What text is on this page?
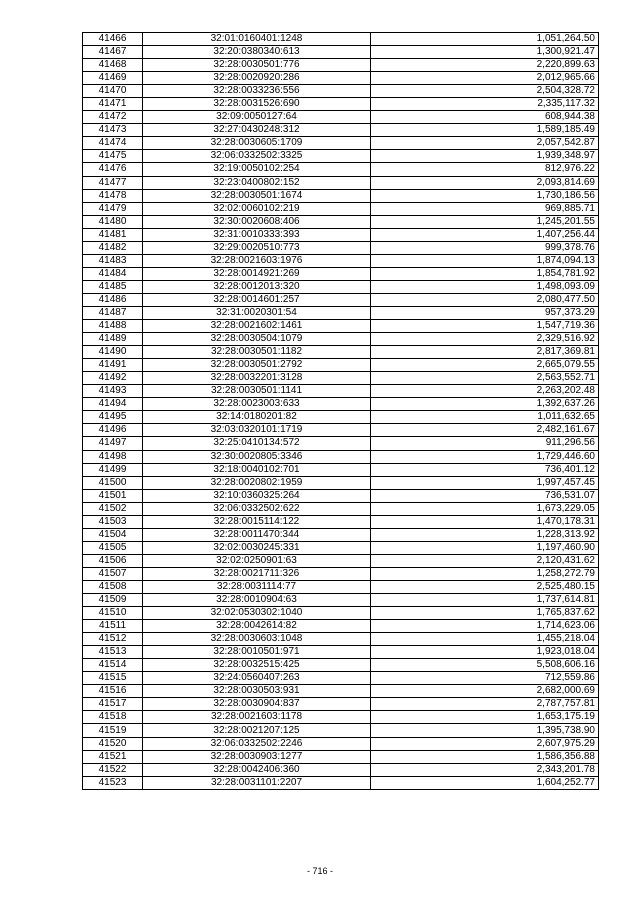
41466	32:01:0160401:1248	1,051,264.50
41467	32:20:0380340:613	1,300,921.47
41468	32:28:0030501:776	2,220,899.63
41469	32:28:0020920:286	2,012,965.66
41470	32:28:0033236:556	2,504,328.72
41471	32:28:0031526:690	2,335,117.32
41472	32:09:0050127:64	608,944.38
41473	32:27:0430248:312	1,589,185.49
41474	32:28:0030605:1709	2,057,542.87
41475	32:06:0332502:3325	1,939,348.97
41476	32:19:0050102:254	812,976.22
41477	32:23:0400802:152	2,093,814.69
41478	32:28:0030501:1674	1,730,186.56
41479	32:02:0060102:219	969,885.71
41480	32:30:0020608:406	1,245,201.55
41481	32:31:0010333:393	1,407,256.44
41482	32:29:0020510:773	999,378.76
41483	32:28:0021603:1976	1,874,094.13
41484	32:28:0014921:269	1,854,781.92
41485	32:28:0012013:320	1,498,093.09
41486	32:28:0014601:257	2,080,477.50
41487	32:31:0020301:54	957,373.29
41488	32:28:0021602:1461	1,547,719.36
41489	32:28:0030504:1079	2,329,516.92
41490	32:28:0030501:1182	2,817,369.81
41491	32:28:0030501:2792	2,665,079.55
41492	32:28:0032201:3128	2,563,552.71
41493	32:28:0030501:1141	2,263,202.48
41494	32:28:0023003:633	1,392,637.26
41495	32:14:0180201:82	1,011,632.65
41496	32:03:0320101:1719	2,482,161.67
41497	32:25:0410134:572	911,296.56
41498	32:30:0020805:3346	1,729,446.60
41499	32:18:0040102:701	736,401.12
41500	32:28:0020802:1959	1,997,457.45
41501	32:10:0360325:264	736,531.07
41502	32:06:0332502:622	1,673,229.05
41503	32:28:0015114:122	1,470,178.31
41504	32:28:0011470:344	1,228,313.92
41505	32:02:0030245:331	1,197,460.90
41506	32:02:0250901:63	2,120,431.62
41507	32:28:0021711:326	1,258,272.79
41508	32:28:0031114:77	2,525,480.15
41509	32:28:0010904:63	1,737,614.81
41510	32:02:0530302:1040	1,765,837.62
41511	32:28:0042614:82	1,714,623.06
41512	32:28:0030603:1048	1,455,218.04
41513	32:28:0010501:971	1,923,018.04
41514	32:28:0032515:425	5,508,606.16
41515	32:24:0560407:263	712,559.86
41516	32:28:0030503:931	2,682,000.69
41517	32:28:0030904:837	2,787,757.81
41518	32:28:0021603:1178	1,653,175.19
41519	32:28:0021207:125	1,395,738.90
41520	32:06:0332502:2246	2,607,975.29
41521	32:28:0030903:1277	1,586,356.88
41522	32:28:0042406:360	2,343,201.78
41523	32:28:0031101:2207	1,604,252.77
- 716 -
